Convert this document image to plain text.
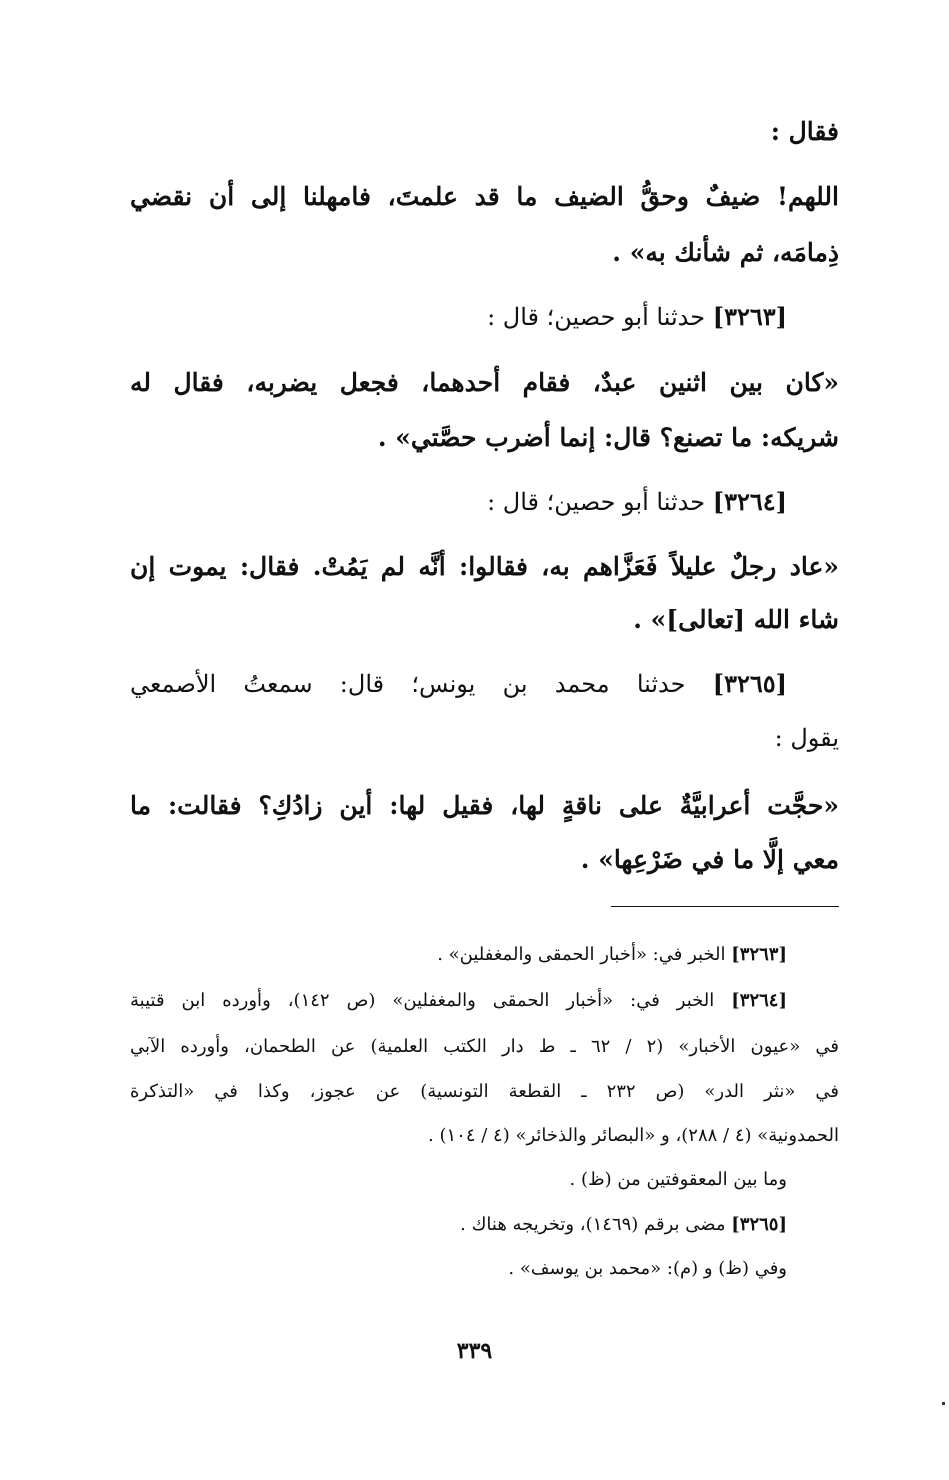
فقال :
اللهم! ضيفٌ وحقُّ الضيف ما قد علمتَ، فامهلنا إلى أن نقضي
ذِمامَه، ثم شأنك به» .
[٣٢٦٣] حدثنا أبو حصين؛ قال :
«كان بين اثنين عبدٌ، فقام أحدهما، فجعل يضربه، فقال له
شريكه: ما تصنع؟ قال: إنما أضرب حصَّتي» .
[٣٢٦٤] حدثنا أبو حصين؛ قال :
«عاد رجلٌ عليلاً فَعَزَّاهم به، فقالوا: أنَّه لم يَمُتْ. فقال: يموت إن
شاء الله [تعالى]» .
[٣٢٦٥] حدثنا محمد بن يونس؛ قال: سمعتُ الأصمعي
يقول :
«حجَّت أعرابيَّةٌ على ناقةٍ لها، فقيل لها: أين زادُكِ؟ فقالت: ما
معي إلَّا ما في ضَرْعِها» .
[٣٢٦٣] الخبر في: «أخبار الحمقى والمغفلين» .
[٣٢٦٤] الخبر في: «أخبار الحمقى والمغفلين» (ص ١٤٢)، وأورده ابن قتيبة
في «عيون الأخبار» (٢ / ٦٢ ـ ط دار الكتب العلمية) عن الطحمان، وأورده الآبي
في «نثر الدر» (ص ٢٣٢ ـ القطعة التونسية) عن عجوز، وكذا في «التذكرة
الحمدونية» (٤ / ٢٨٨)، و «البصائر والذخائر» (٤ / ١٠٤) .
وما بين المعقوفتين من (ظ) .
[٣٢٦٥] مضى برقم (١٤٦٩)، وتخريجه هناك .
وفي (ظ) و (م): «محمد بن يوسف» .
٣٣٩
